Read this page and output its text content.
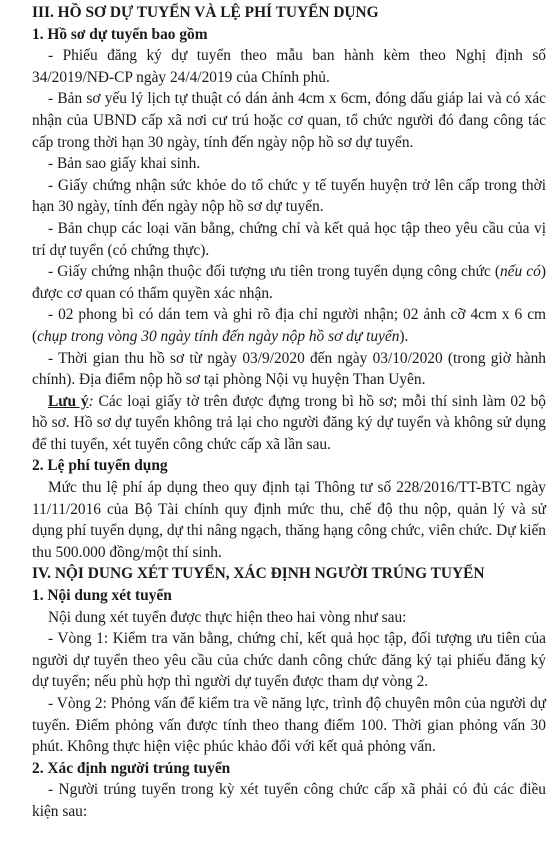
III. HỒ SƠ DỰ TUYỂN VÀ LỆ PHÍ TUYỂN DỤNG

1. Hồ sơ dự tuyển bao gồm

- Phiếu đăng ký dự tuyển theo mẫu ban hành kèm theo Nghị định số 34/2019/NĐ-CP ngày 24/4/2019 của Chính phủ.

- Bản sơ yếu lý lịch tự thuật có dán ảnh 4cm x 6cm, đóng dấu giáp lai và có xác nhận của UBND cấp xã nơi cư trú hoặc cơ quan, tổ chức người đó đang công tác cấp trong thời hạn 30 ngày, tính đến ngày nộp hồ sơ dự tuyển.

- Bản sao giấy khai sinh.

- Giấy chứng nhận sức khỏe do tổ chức y tế tuyến huyện trở lên cấp trong thời hạn 30 ngày, tính đến ngày nộp hồ sơ dự tuyển.

- Bản chụp các loại văn bằng, chứng chỉ và kết quả học tập theo yêu cầu của vị trí dự tuyển (có chứng thực).

- Giấy chứng nhận thuộc đối tượng ưu tiên trong tuyển dụng công chức (nếu có) được cơ quan có thẩm quyền xác nhận.

- 02 phong bì có dán tem và ghi rõ địa chỉ người nhận; 02 ảnh cỡ 4cm x 6 cm (chụp trong vòng 30 ngày tính đến ngày nộp hồ sơ dự tuyển).

- Thời gian thu hồ sơ từ ngày 03/9/2020 đến ngày 03/10/2020 (trong giờ hành chính). Địa điểm nộp hồ sơ tại phòng Nội vụ huyện Than Uyên.

Lưu ý: Các loại giấy tờ trên được đựng trong bì hồ sơ; mỗi thí sinh làm 02 bộ hồ sơ. Hồ sơ dự tuyển không trả lại cho người đăng ký dự tuyển và không sử dụng để thi tuyển, xét tuyển công chức cấp xã lần sau.

2. Lệ phí tuyển dụng

Mức thu lệ phí áp dụng theo quy định tại Thông tư số 228/2016/TT-BTC ngày 11/11/2016 của Bộ Tài chính quy định mức thu, chế độ thu nộp, quản lý và sử dụng phí tuyển dụng, dự thi nâng ngạch, thăng hạng công chức, viên chức. Dự kiến thu 500.000 đồng/một thí sinh.

IV. NỘI DUNG XÉT TUYỂN, XÁC ĐỊNH NGƯỜI TRÚNG TUYỂN

1. Nội dung xét tuyển

Nội dung xét tuyển được thực hiện theo hai vòng như sau:

- Vòng 1: Kiểm tra văn bằng, chứng chỉ, kết quả học tập, đối tượng ưu tiên của người dự tuyển theo yêu cầu của chức danh công chức đăng ký tại phiếu đăng ký dự tuyển; nếu phù hợp thì người dự tuyển được tham dự vòng 2.

- Vòng 2: Phỏng vấn để kiểm tra về năng lực, trình độ chuyên môn của người dự tuyển. Điểm phỏng vấn được tính theo thang điểm 100. Thời gian phỏng vấn 30 phút. Không thực hiện việc phúc khảo đối với kết quả phỏng vấn.

2. Xác định người trúng tuyển

- Người trúng tuyển trong kỳ xét tuyển công chức cấp xã phải có đủ các điều kiện sau:
